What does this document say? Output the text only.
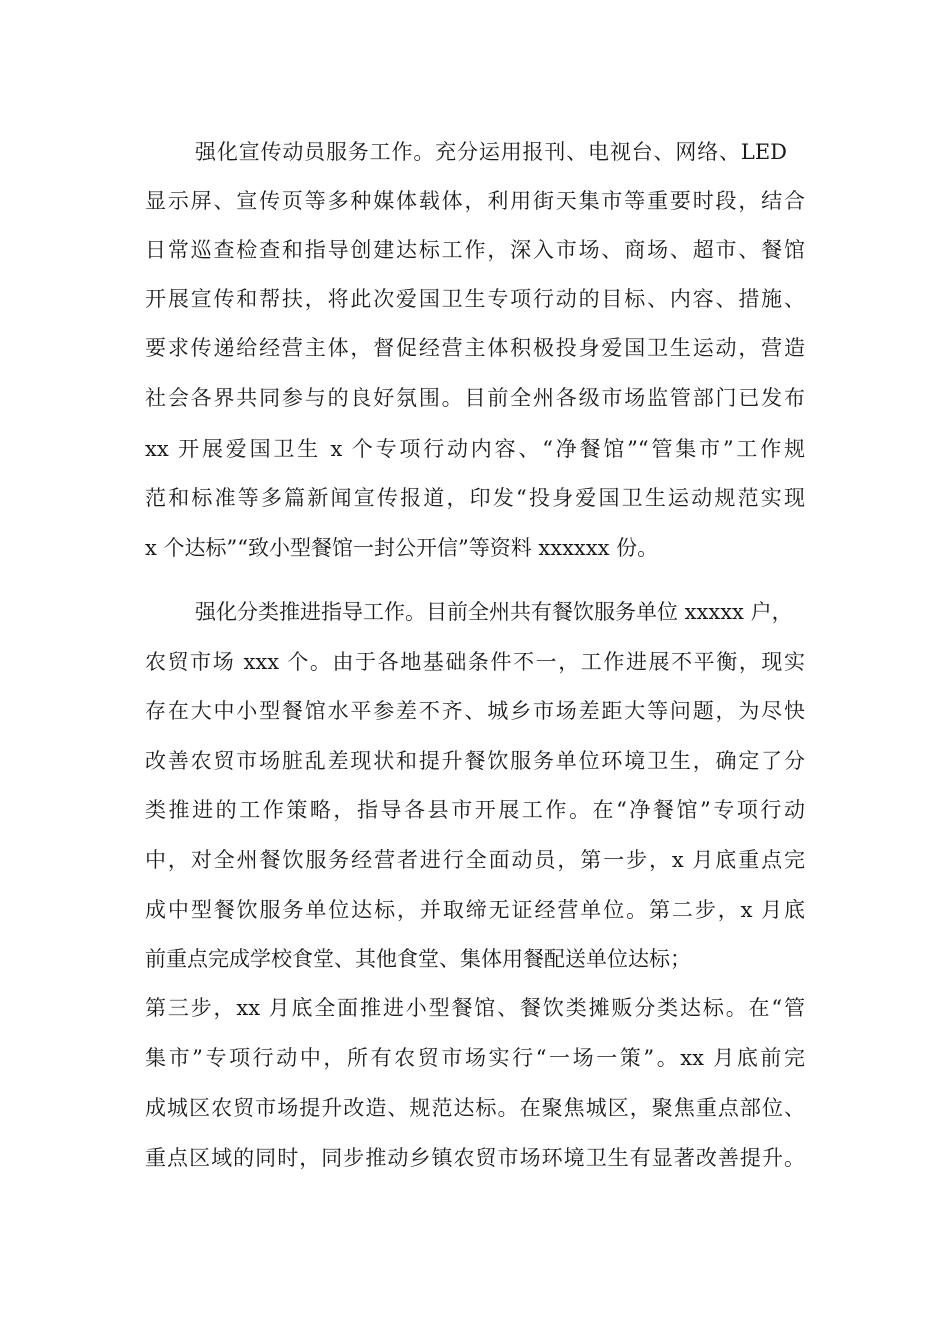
强化宣传动员服务工作。充分运用报刊、电视台、网络、LED
显示屏、宣传页等多种媒体载体，利用街天集市等重要时段，结合
日常巡查检查和指导创建达标工作，深入市场、商场、超市、餐馆
开展宣传和帮扶，将此次爱国卫生专项行动的目标、内容、措施、
要求传递给经营主体，督促经营主体积极投身爱国卫生运动，营造
社会各界共同参与的良好氛围。目前全州各级市场监管部门已发布
xx 开展爱国卫生 x 个专项行动内容、“净餐馆”“管集市”工作规
范和标准等多篇新闻宣传报道，印发“投身爱国卫生运动规范实现
x 个达标”“致小型餐馆一封公开信”等资料 xxxxxx 份。
强化分类推进指导工作。目前全州共有餐饮服务单位 xxxxx 户，
农贸市场 xxx 个。由于各地基础条件不一，工作进展不平衡，现实
存在大中小型餐馆水平参差不齐、城乡市场差距大等问题，为尽快
改善农贸市场脏乱差现状和提升餐饮服务单位环境卫生，确定了分
类推进的工作策略，指导各县市开展工作。在“净餐馆”专项行动
中，对全州餐饮服务经营者进行全面动员，第一步，x 月底重点完
成中型餐饮服务单位达标，并取缔无证经营单位。第二步，x 月底
前重点完成学校食堂、其他食堂、集体用餐配送单位达标；
第三步，xx 月底全面推进小型餐馆、餐饮类摊贩分类达标。在“管
集市”专项行动中，所有农贸市场实行“一场一策”。xx 月底前完
成城区农贸市场提升改造、规范达标。在聚焦城区，聚焦重点部位、
重点区域的同时，同步推动乡镇农贸市场环境卫生有显著改善提升。
